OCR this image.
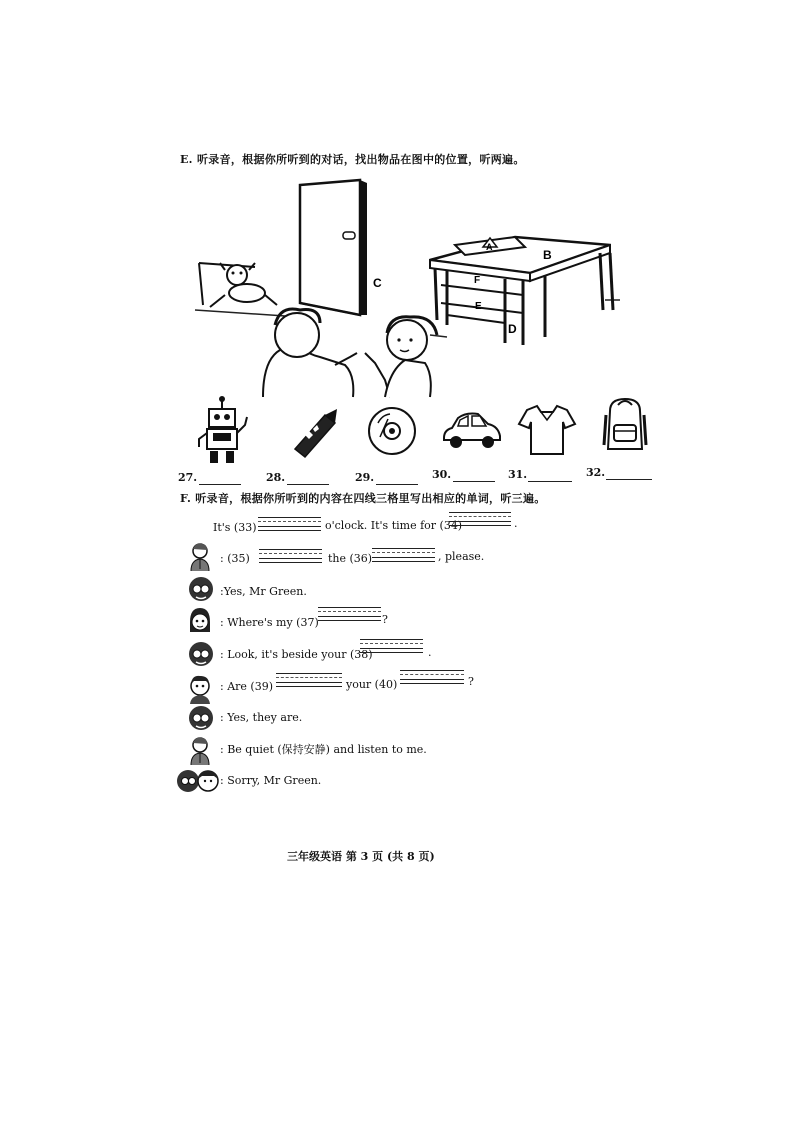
E. 听录音，根据你所听到的对话，找出物品在图中的位置，听两遍。
C
A
B
F
E
D
27.	28.	29.	30.	31.	32.
F. 听录音，根据你所听到的内容在四线三格里写出相应的单词，听三遍。
It's (33)	o'clock. It's time for (34)	.
: (35)	the (36)	, please.
:Yes, Mr Green.
: Where's my (37)	?
: Look, it's beside your (38)	.
: Are (39)	your (40)	?
: Yes, they are.
: Be quiet (保持安静) and listen to me.
: Sorry, Mr Green.
三年级英语 第 3 页 (共 8 页)
